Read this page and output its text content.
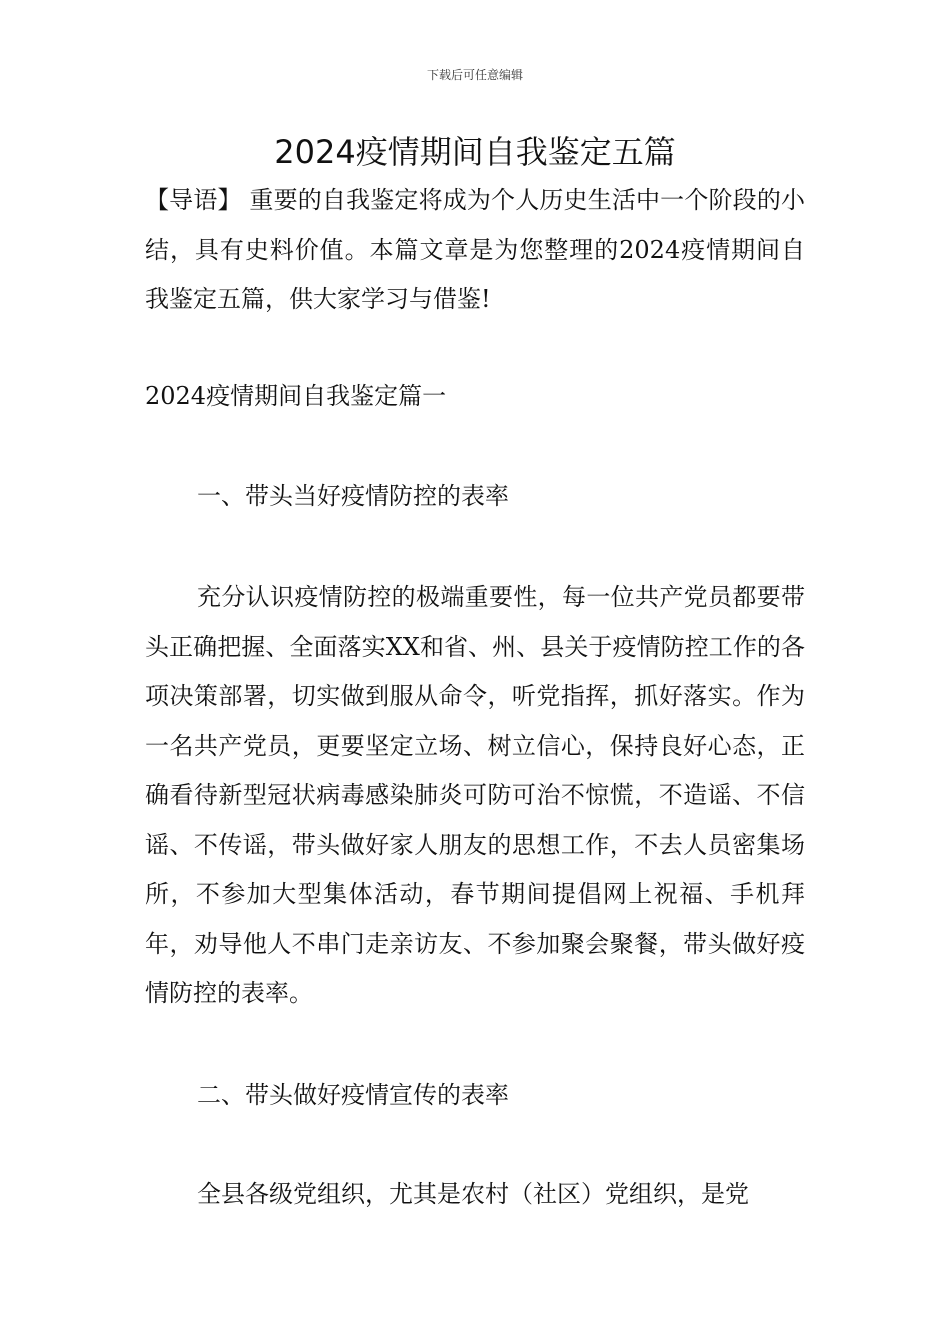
下载后可任意编辑
2024疫情期间自我鉴定五篇

【导语】 重要的自我鉴定将成为个人历史生活中一个阶段的小结，具有史料价值。本篇文章是为您整理的2024疫情期间自我鉴定五篇，供大家学习与借鉴!

2024疫情期间自我鉴定篇一

一、带头当好疫情防控的表率

充分认识疫情防控的极端重要性，每一位共产党员都要带头正确把握、全面落实XX和省、州、县关于疫情防控工作的各项决策部署，切实做到服从命令，听党指挥，抓好落实。作为一名共产党员，更要坚定立场、树立信心，保持良好心态，正确看待新型冠状病毒感染肺炎可防可治不惊慌，不造谣、不信谣、不传谣，带头做好家人朋友的思想工作，不去人员密集场所，不参加大型集体活动，春节期间提倡网上祝福、手机拜年，劝导他人不串门走亲访友、不参加聚会聚餐，带头做好疫情防控的表率。

二、带头做好疫情宣传的表率

全县各级党组织，尤其是农村（社区）党组织，是党
